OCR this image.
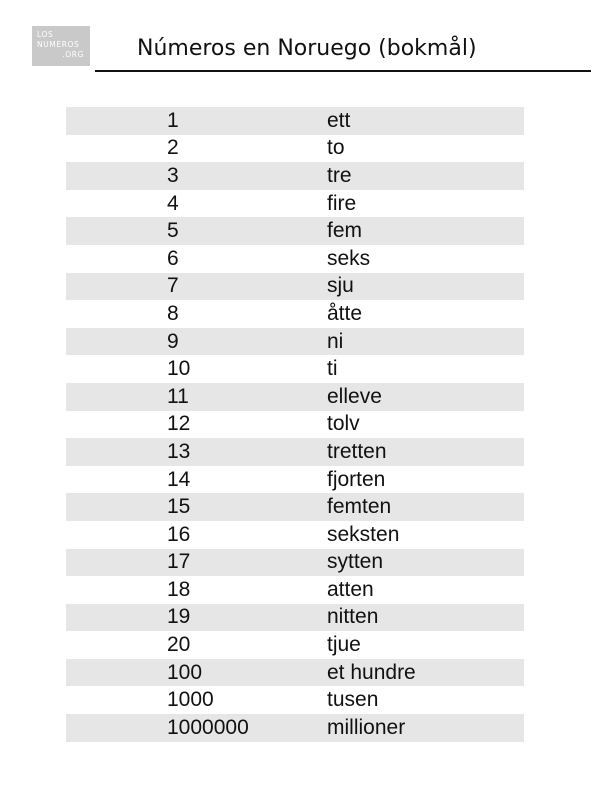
LOS
NUMEROS
.ORG Números en Noruego (bokmål)
1	ett
2	to
3	tre
4	fire
5	fem
6	seks
7	sju
8	åtte
9	ni
10	ti
11	elleve
12	tolv
13	tretten
14	fjorten
15	femten
16	seksten
17	sytten
18	atten
19	nitten
20	tjue
100	et hundre
1000	tusen
1000000	millioner
